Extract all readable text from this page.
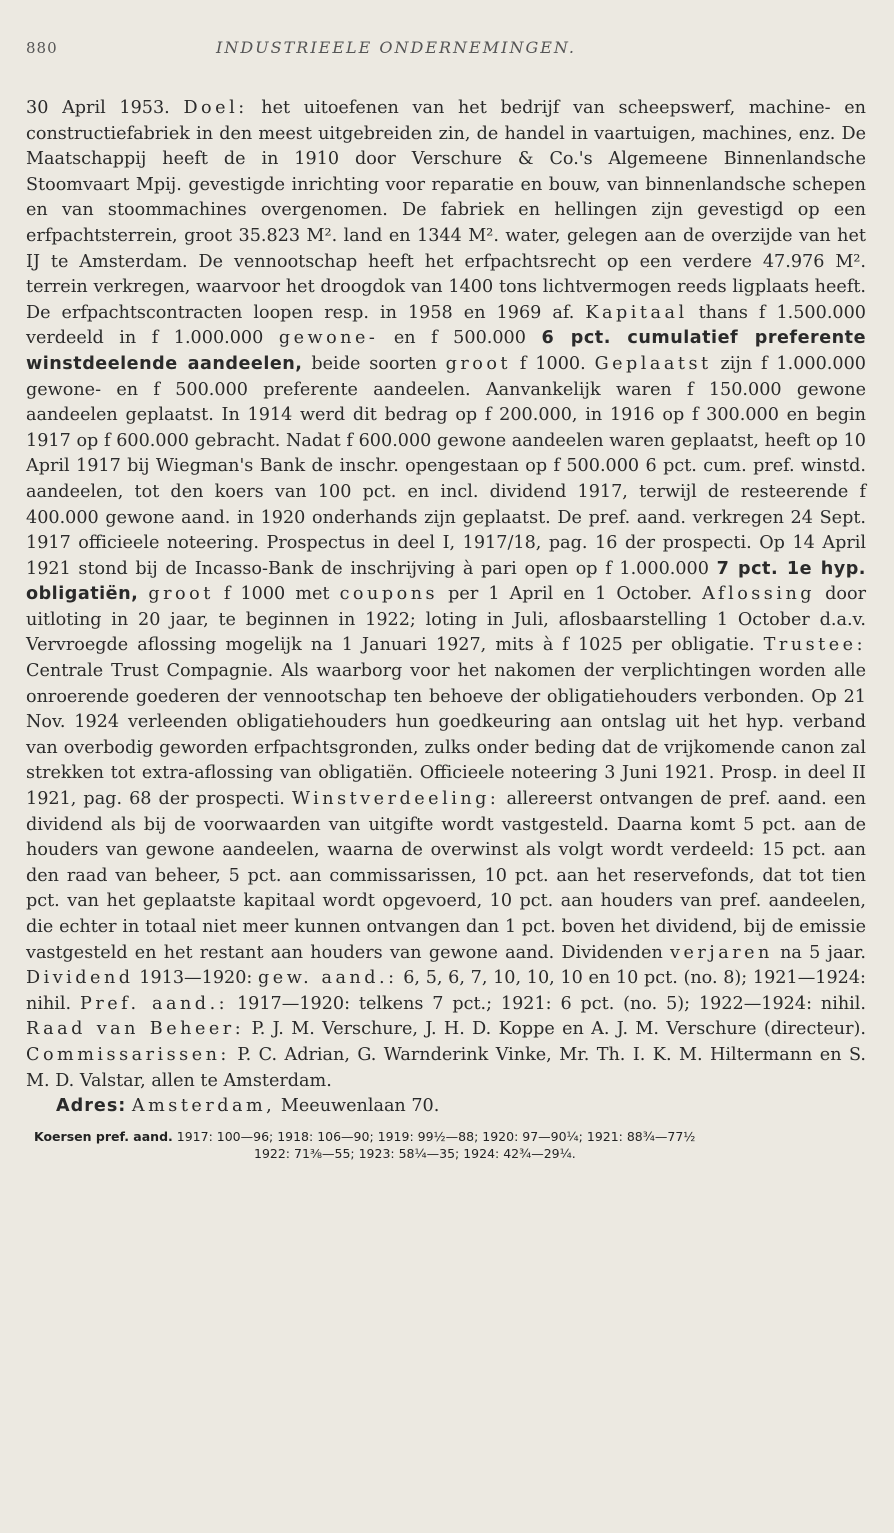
880	INDUSTRIEELE ONDERNEMINGEN.

30 April 1953. Doel: het uitoefenen van het bedrijf van scheepswerf, machine- en constructiefabriek in den meest uitgebreiden zin, de handel in vaartuigen, machines, enz. De Maatschappij heeft de in 1910 door Verschure & Co.'s Algemeene Binnenlandsche Stoomvaart Mpij. gevestigde inrichting voor reparatie en bouw, van binnenlandsche schepen en van stoommachines overgenomen. De fabriek en hellingen zijn gevestigd op een erfpachtsterrein, groot 35.823 M². land en 1344 M². water, gelegen aan de overzijde van het IJ te Amsterdam. De vennootschap heeft het erfpachtsrecht op een verdere 47.976 M². terrein verkregen, waarvoor het droogdok van 1400 tons lichtvermogen reeds ligplaats heeft. De erfpachtscontracten loopen resp. in 1958 en 1969 af. Kapitaal thans f 1.500.000 verdeeld in f 1.000.000 gewone- en f 500.000 6 pct. cumulatief preferente winstdeelende aandeelen, beide soorten groot f 1000. Geplaatst zijn f 1.000.000 gewone- en f 500.000 preferente aandeelen. Aanvankelijk waren f 150.000 gewone aandeelen geplaatst. In 1914 werd dit bedrag op f 200.000, in 1916 op f 300.000 en begin 1917 op f 600.000 gebracht. Nadat f 600.000 gewone aandeelen waren geplaatst, heeft op 10 April 1917 bij Wiegman's Bank de inschr. opengestaan op f 500.000 6 pct. cum. pref. winstd. aandeelen, tot den koers van 100 pct. en incl. dividend 1917, terwijl de resteerende f 400.000 gewone aand. in 1920 onderhands zijn geplaatst. De pref. aand. verkregen 24 Sept. 1917 officieele noteering. Prospectus in deel I, 1917/18, pag. 16 der prospecti. Op 14 April 1921 stond bij de Incasso-Bank de inschrijving à pari open op f 1.000.000 7 pct. 1e hyp. obligatiën, groot f 1000 met coupons per 1 April en 1 October. Aflossing door uitloting in 20 jaar, te beginnen in 1922; loting in Juli, aflosbaarstelling 1 October d.a.v. Vervroegde aflossing mogelijk na 1 Januari 1927, mits à f 1025 per obligatie. Trustee: Centrale Trust Compagnie. Als waarborg voor het nakomen der verplichtingen worden alle onroerende goederen der vennootschap ten behoeve der obligatiehouders verbonden. Op 21 Nov. 1924 verleenden obligatiehouders hun goedkeuring aan ontslag uit het hyp. verband van overbodig geworden erfpachtsgronden, zulks onder beding dat de vrijkomende canon zal strekken tot extra-aflossing van obligatiën. Officieele noteering 3 Juni 1921. Prosp. in deel II 1921, pag. 68 der prospecti. Winstverdeeling: allereerst ontvangen de pref. aand. een dividend als bij de voorwaarden van uitgifte wordt vastgesteld. Daarna komt 5 pct. aan de houders van gewone aandeelen, waarna de overwinst als volgt wordt verdeeld: 15 pct. aan den raad van beheer, 5 pct. aan commissarissen, 10 pct. aan het reservefonds, dat tot tien pct. van het geplaatste kapitaal wordt opgevoerd, 10 pct. aan houders van pref. aandeelen, die echter in totaal niet meer kunnen ontvangen dan 1 pct. boven het dividend, bij de emissie vastgesteld en het restant aan houders van gewone aand. Dividenden verjaren na 5 jaar. Dividend 1913—1920: gew. aand.: 6, 5, 6, 7, 10, 10, 10 en 10 pct. (no. 8); 1921—1924: nihil. Pref. aand.: 1917—1920: telkens 7 pct.; 1921: 6 pct. (no. 5); 1922—1924: nihil. Raad van Beheer: P. J. M. Verschure, J. H. D. Koppe en A. J. M. Verschure (directeur). Commissarissen: P. C. Adrian, G. Warnderink Vinke, Mr. Th. I. K. M. Hiltermann en S. M. D. Valstar, allen te Amsterdam.

Adres: Amsterdam, Meeuwenlaan 70.

Koersen pref. aand. 1917: 100—96; 1918: 106—90; 1919: 99½—88; 1920: 97—90¼; 1921: 88¾—77½
1922: 71⅜—55; 1923: 58¼—35; 1924: 42¾—29¼.
